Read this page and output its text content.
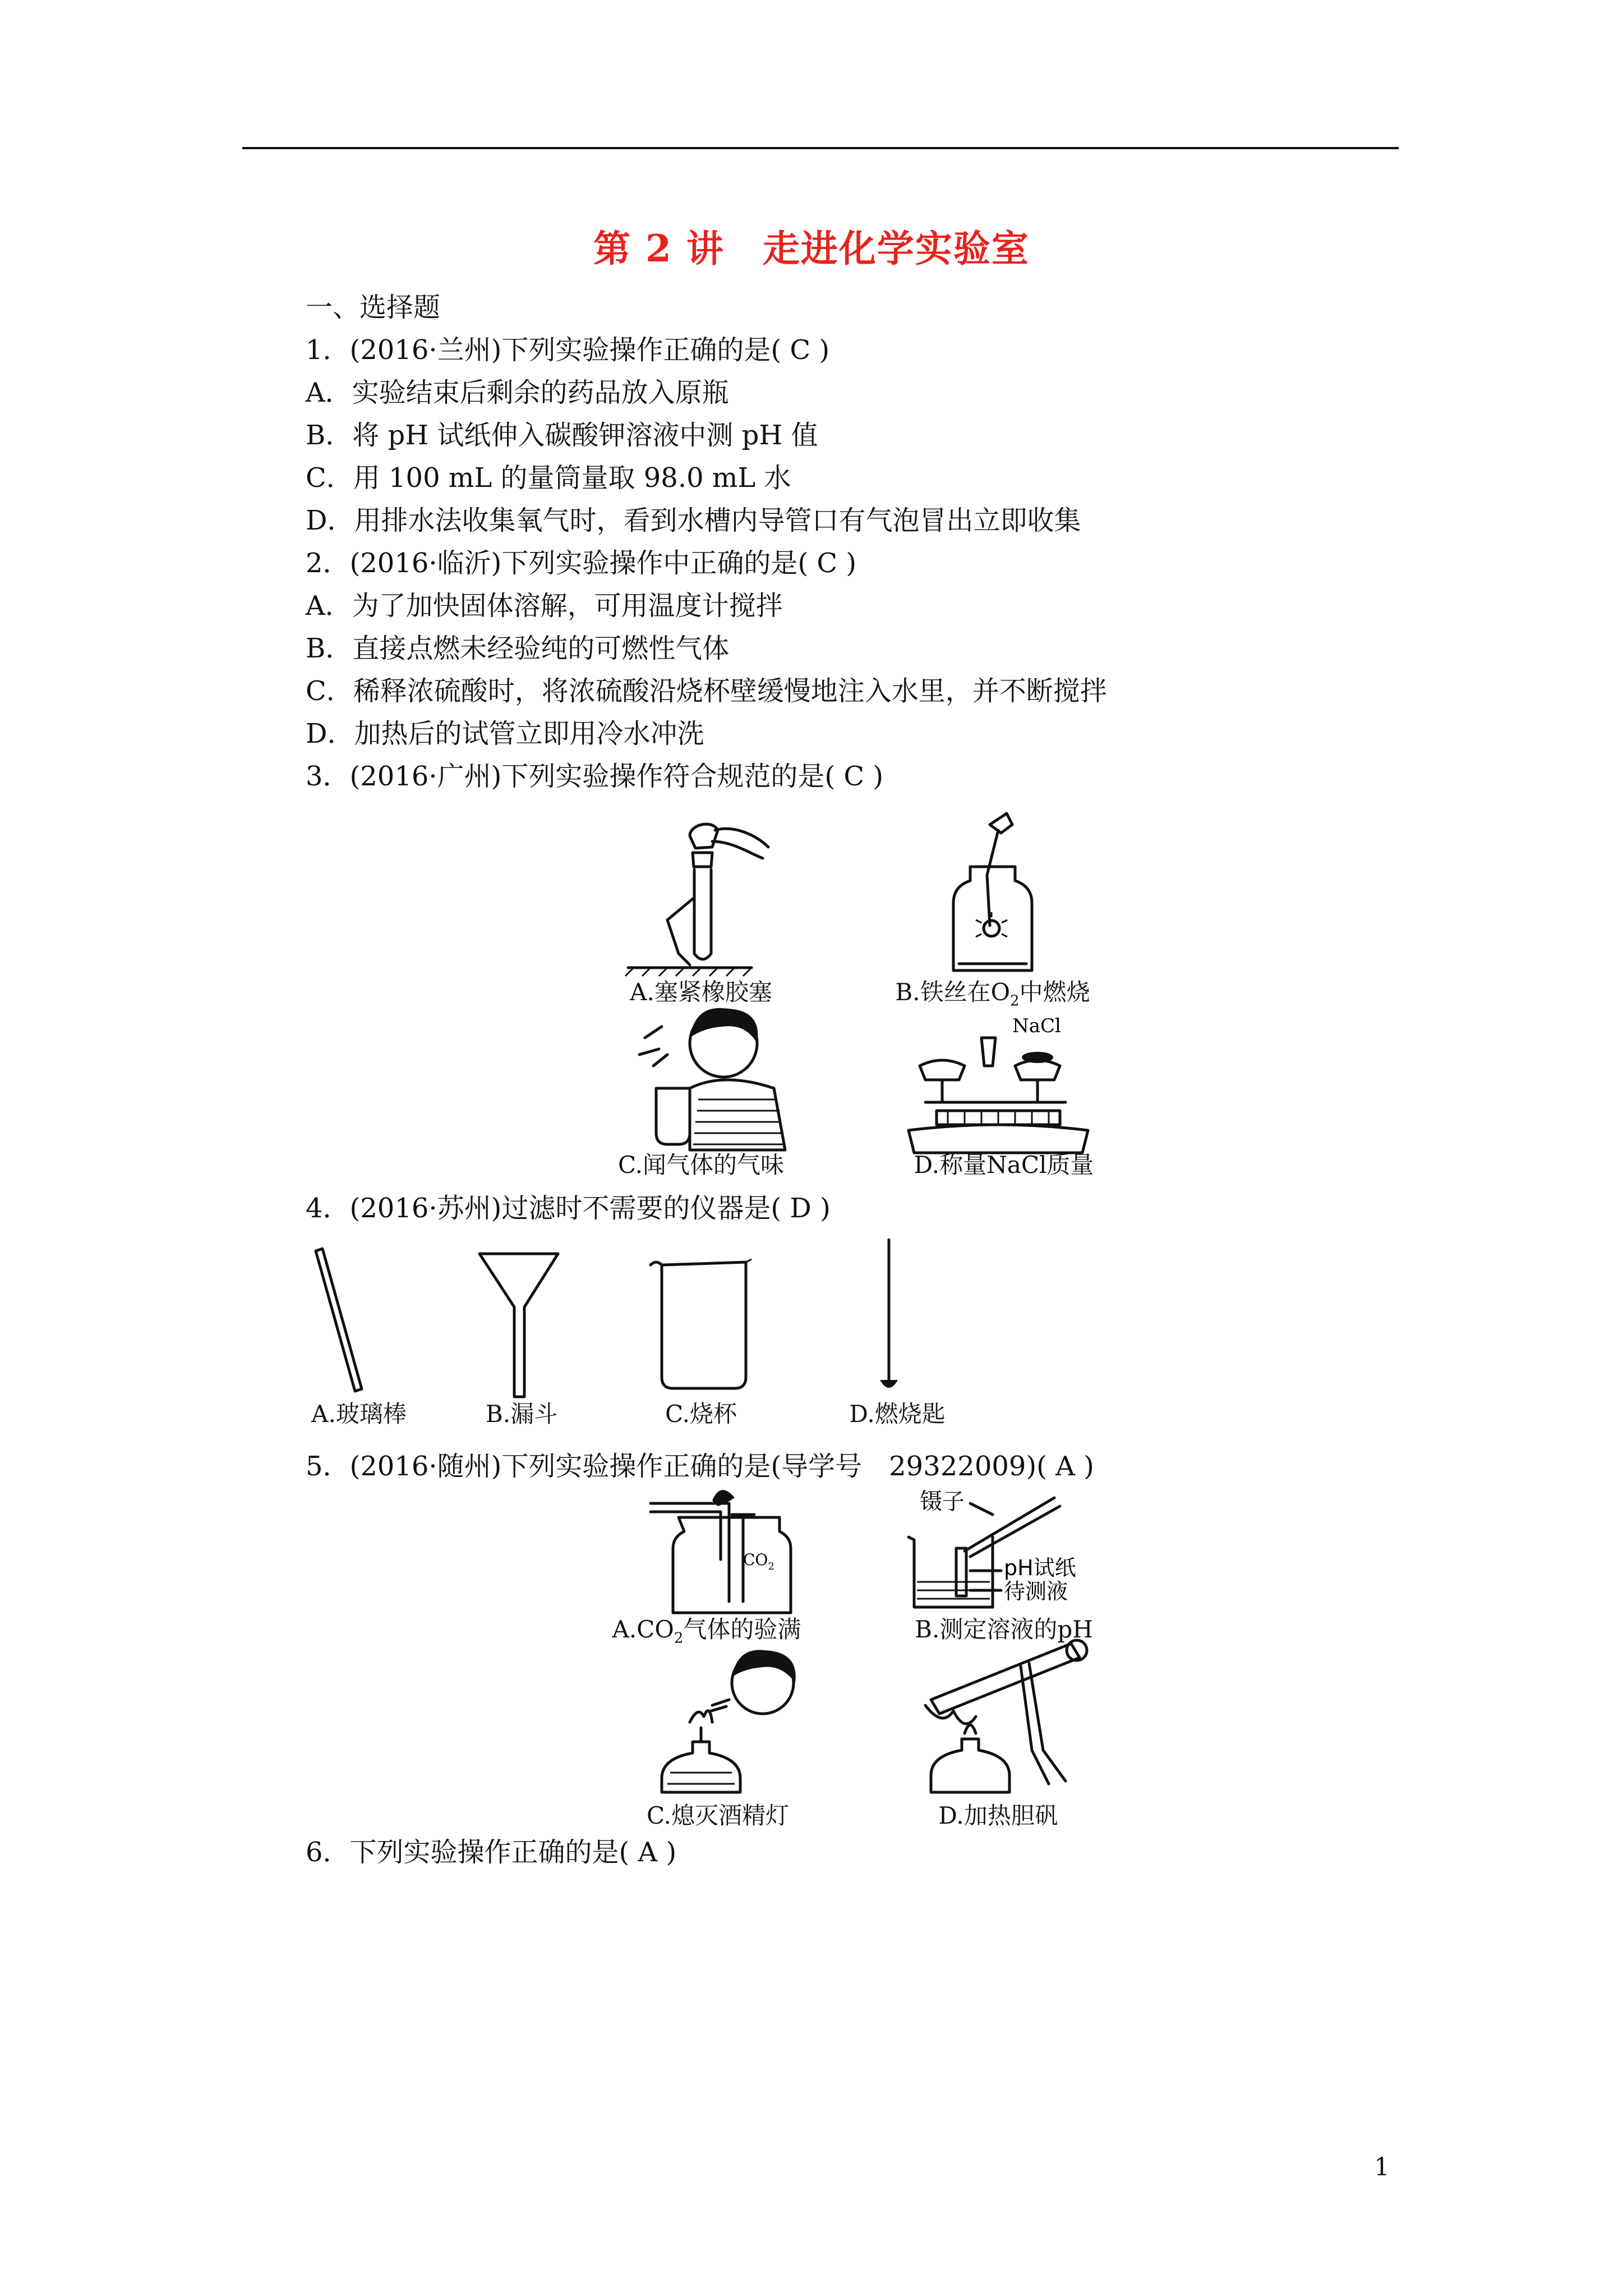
第 2 讲　走进化学实验室
一、选择题
1．(2016·兰州)下列实验操作正确的是( C )
A．实验结束后剩余的药品放入原瓶
B．将 pH 试纸伸入碳酸钾溶液中测 pH 值
C．用 100 mL 的量筒量取 98.0 mL 水
D．用排水法收集氧气时，看到水槽内导管口有气泡冒出立即收集
2．(2016·临沂)下列实验操作中正确的是( C )
A．为了加快固体溶解，可用温度计搅拌
B．直接点燃未经验纯的可燃性气体
C．稀释浓硫酸时，将浓硫酸沿烧杯壁缓慢地注入水里，并不断搅拌
D．加热后的试管立即用冷水冲洗
3．(2016·广州)下列实验操作符合规范的是( C )
A.塞紧橡胶塞	B.铁丝在$O_2$中燃烧
C.闻气体的气味
NaCl
D.称量NaCl质量
4．(2016·苏州)过滤时不需要的仪器是( D )
A.玻璃棒	B.漏斗	C.烧杯	D.燃烧匙
5．(2016·随州)下列实验操作正确的是(导学号　29322009)( A )
$CO_2$
$A.CO_2$气体的验满
镊子
pH试纸
待测液
B.测定溶液的pH
C.熄灭酒精灯	D.加热胆矾
6．下列实验操作正确的是( A )
1
